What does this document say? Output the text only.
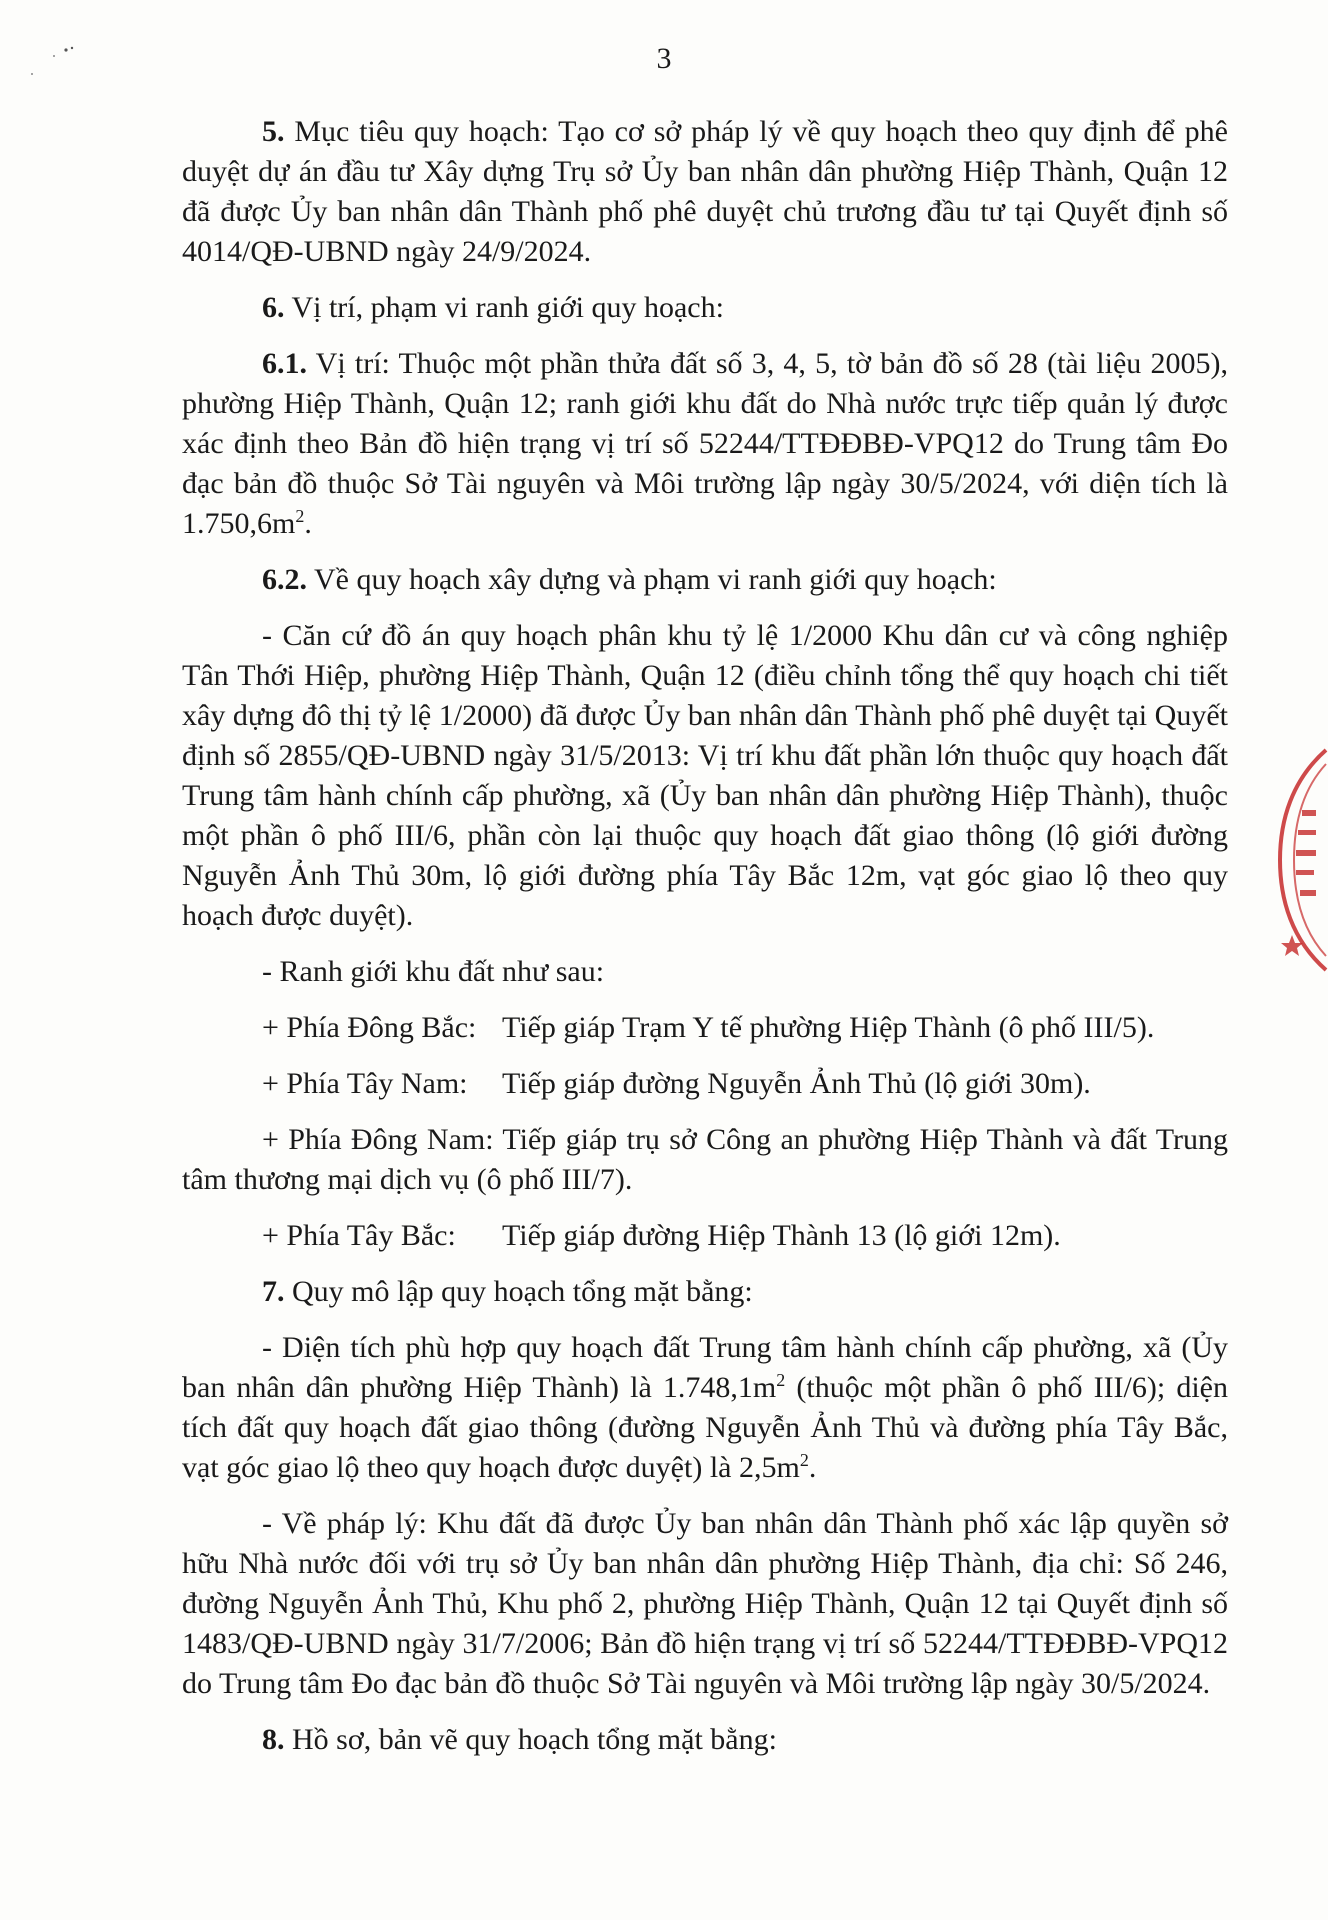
3

5. Mục tiêu quy hoạch: Tạo cơ sở pháp lý về quy hoạch theo quy định để phê duyệt dự án đầu tư Xây dựng Trụ sở Ủy ban nhân dân phường Hiệp Thành, Quận 12 đã được Ủy ban nhân dân Thành phố phê duyệt chủ trương đầu tư tại Quyết định số 4014/QĐ-UBND ngày 24/9/2024.

6. Vị trí, phạm vi ranh giới quy hoạch:

6.1. Vị trí: Thuộc một phần thửa đất số 3, 4, 5, tờ bản đồ số 28 (tài liệu 2005), phường Hiệp Thành, Quận 12; ranh giới khu đất do Nhà nước trực tiếp quản lý được xác định theo Bản đồ hiện trạng vị trí số 52244/TTĐĐBĐ-VPQ12 do Trung tâm Đo đạc bản đồ thuộc Sở Tài nguyên và Môi trường lập ngày 30/5/2024, với diện tích là $1.750,6m^2$.

6.2. Về quy hoạch xây dựng và phạm vi ranh giới quy hoạch:

- Căn cứ đồ án quy hoạch phân khu tỷ lệ 1/2000 Khu dân cư và công nghiệp Tân Thới Hiệp, phường Hiệp Thành, Quận 12 (điều chỉnh tổng thể quy hoạch chi tiết xây dựng đô thị tỷ lệ 1/2000) đã được Ủy ban nhân dân Thành phố phê duyệt tại Quyết định số 2855/QĐ-UBND ngày 31/5/2013: Vị trí khu đất phần lớn thuộc quy hoạch đất Trung tâm hành chính cấp phường, xã (Ủy ban nhân dân phường Hiệp Thành), thuộc một phần ô phố III/6, phần còn lại thuộc quy hoạch đất giao thông (lộ giới đường Nguyễn Ảnh Thủ 30m, lộ giới đường phía Tây Bắc 12m, vạt góc giao lộ theo quy hoạch được duyệt).

- Ranh giới khu đất như sau:

+ Phía Đông Bắc: Tiếp giáp Trạm Y tế phường Hiệp Thành (ô phố III/5).
+ Phía Tây Nam: Tiếp giáp đường Nguyễn Ảnh Thủ (lộ giới 30m).
+ Phía Đông Nam: Tiếp giáp trụ sở Công an phường Hiệp Thành và đất Trung tâm thương mại dịch vụ (ô phố III/7).
+ Phía Tây Bắc: Tiếp giáp đường Hiệp Thành 13 (lộ giới 12m).

7. Quy mô lập quy hoạch tổng mặt bằng:

- Diện tích phù hợp quy hoạch đất Trung tâm hành chính cấp phường, xã (Ủy ban nhân dân phường Hiệp Thành) là $1.748,1m^2$ (thuộc một phần ô phố III/6); diện tích đất quy hoạch đất giao thông (đường Nguyễn Ảnh Thủ và đường phía Tây Bắc, vạt góc giao lộ theo quy hoạch được duyệt) là $2,5m^2$.

- Về pháp lý: Khu đất đã được Ủy ban nhân dân Thành phố xác lập quyền sở hữu Nhà nước đối với trụ sở Ủy ban nhân dân phường Hiệp Thành, địa chỉ: Số 246, đường Nguyễn Ảnh Thủ, Khu phố 2, phường Hiệp Thành, Quận 12 tại Quyết định số 1483/QĐ-UBND ngày 31/7/2006; Bản đồ hiện trạng vị trí số 52244/TTĐĐBĐ-VPQ12 do Trung tâm Đo đạc bản đồ thuộc Sở Tài nguyên và Môi trường lập ngày 30/5/2024.

8. Hồ sơ, bản vẽ quy hoạch tổng mặt bằng:
